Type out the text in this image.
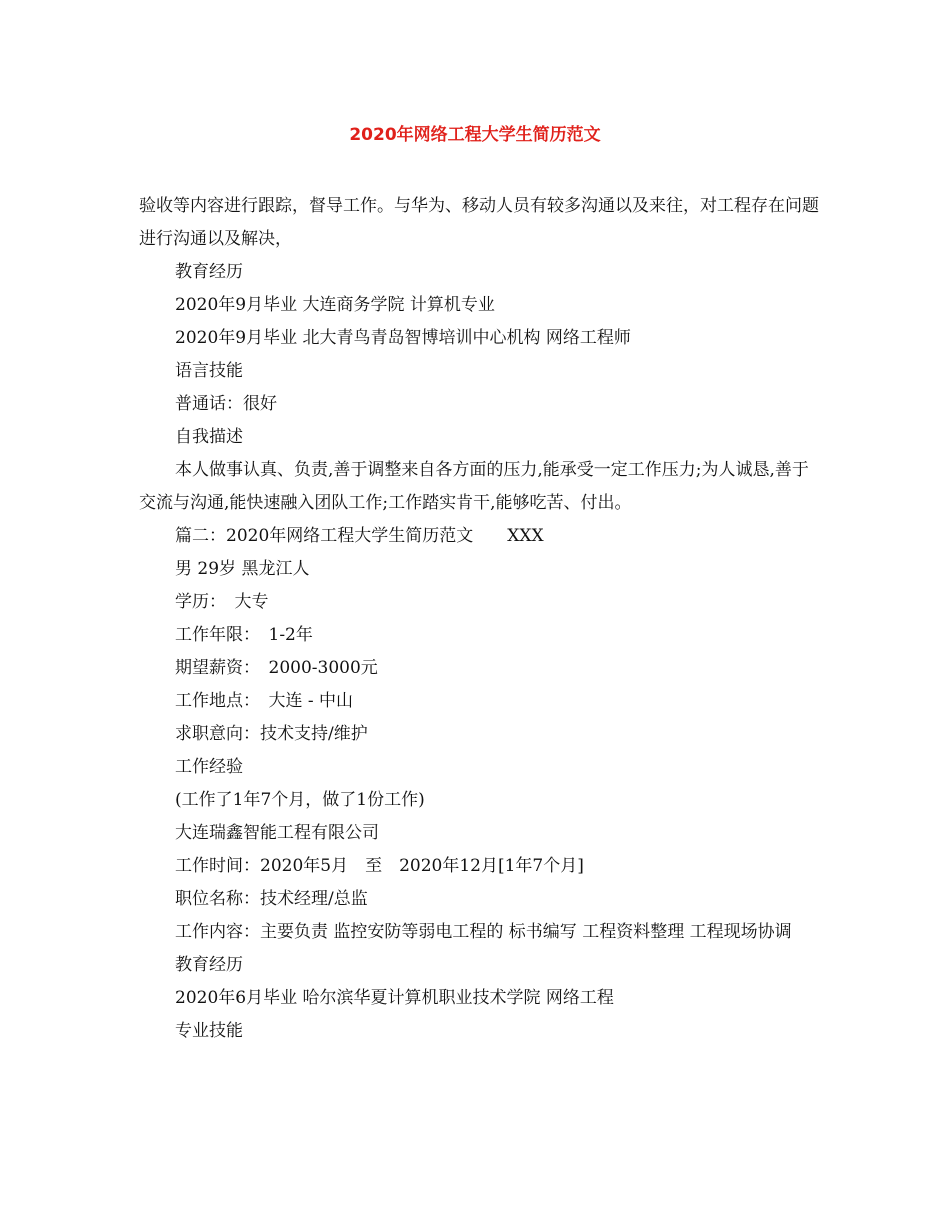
2020年网络工程大学生简历范文

验收等内容进行跟踪，督导工作。与华为、移动人员有较多沟通以及来往，对工程存在问题进行沟通以及解决，

教育经历

2020年9月毕业 大连商务学院 计算机专业

2020年9月毕业 北大青鸟青岛智博培训中心机构 网络工程师

语言技能

普通话：很好

自我描述

本人做事认真、负责,善于调整来自各方面的压力,能承受一定工作压力;为人诚恳,善于交流与沟通,能快速融入团队工作;工作踏实肯干,能够吃苦、付出。

篇二：2020年网络工程大学生简历范文　　XXX

男 29岁 黑龙江人

学历：　大专

工作年限：　1-2年

期望薪资：　2000-3000元

工作地点：　大连 - 中山

求职意向：技术支持/维护

工作经验

(工作了1年7个月，做了1份工作)

大连瑞鑫智能工程有限公司

工作时间：2020年5月　至　2020年12月[1年7个月]

职位名称：技术经理/总监

工作内容：主要负责 监控安防等弱电工程的 标书编写 工程资料整理 工程现场协调

教育经历

2020年6月毕业 哈尔滨华夏计算机职业技术学院 网络工程

专业技能
